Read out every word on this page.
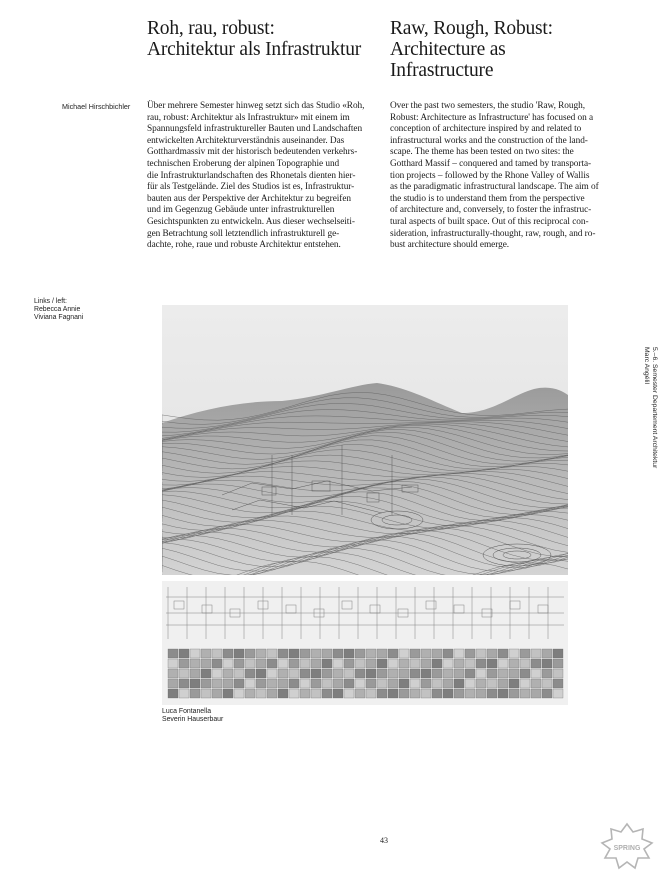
Roh, rau, robust:
Architektur als Infrastruktur

Raw, Rough, Robust:
Architecture as
Infrastructure

Michael Hirschbichler	Über mehrere Semester hinweg setzt sich das Studio «Roh,
rau, robust: Architektur als Infrastruktur» mit einem im
Spannungsfeld infrastruktureller Bauten und Landschaften
entwickelten Architekturverständnis auseinander. Das
Gotthardmassiv mit der historisch bedeutenden verkehrs-
technischen Eroberung der alpinen Topographie und
die Infrastrukturlandschaften des Rhonetals dienten hier-
für als Testgelände. Ziel des Studios ist es, Infrastruktur-
bauten aus der Perspektive der Architektur zu begreifen
und im Gegenzug Gebäude unter infrastrukturellen
Gesichtspunkten zu entwickeln. Aus dieser wechselseiti-
gen Betrachtung soll letztendlich infrastrukturell ge-
dachte, rohe, raue und robuste Architektur entstehen.
Over the past two semesters, the studio 'Raw, Rough,
Robust: Architecture as Infrastructure' has focused on a
conception of architecture inspired by and related to
infrastructural works and the construction of the land-
scape. The theme has been tested on two sites: the
Gotthard Massif – conquered and tamed by transporta-
tion projects – followed by the Rhone Valley of Wallis
as the paradigmatic infrastructural landscape. The aim of
the studio is to understand them from the perspective
of architecture and, conversely, to foster the infrastruc-
tural aspects of built space. Out of this reciprocal con-
sideration, infrastructurally-thought, raw, rough, and ro-
bust architecture should emerge.
Links / left:
Rebecca Annie
Viviana Fagnani
Luca Fontanella
Severin Hauserbaur
5.–6. Semester Departement Architektur
Marc Angélil
43
SPRING
